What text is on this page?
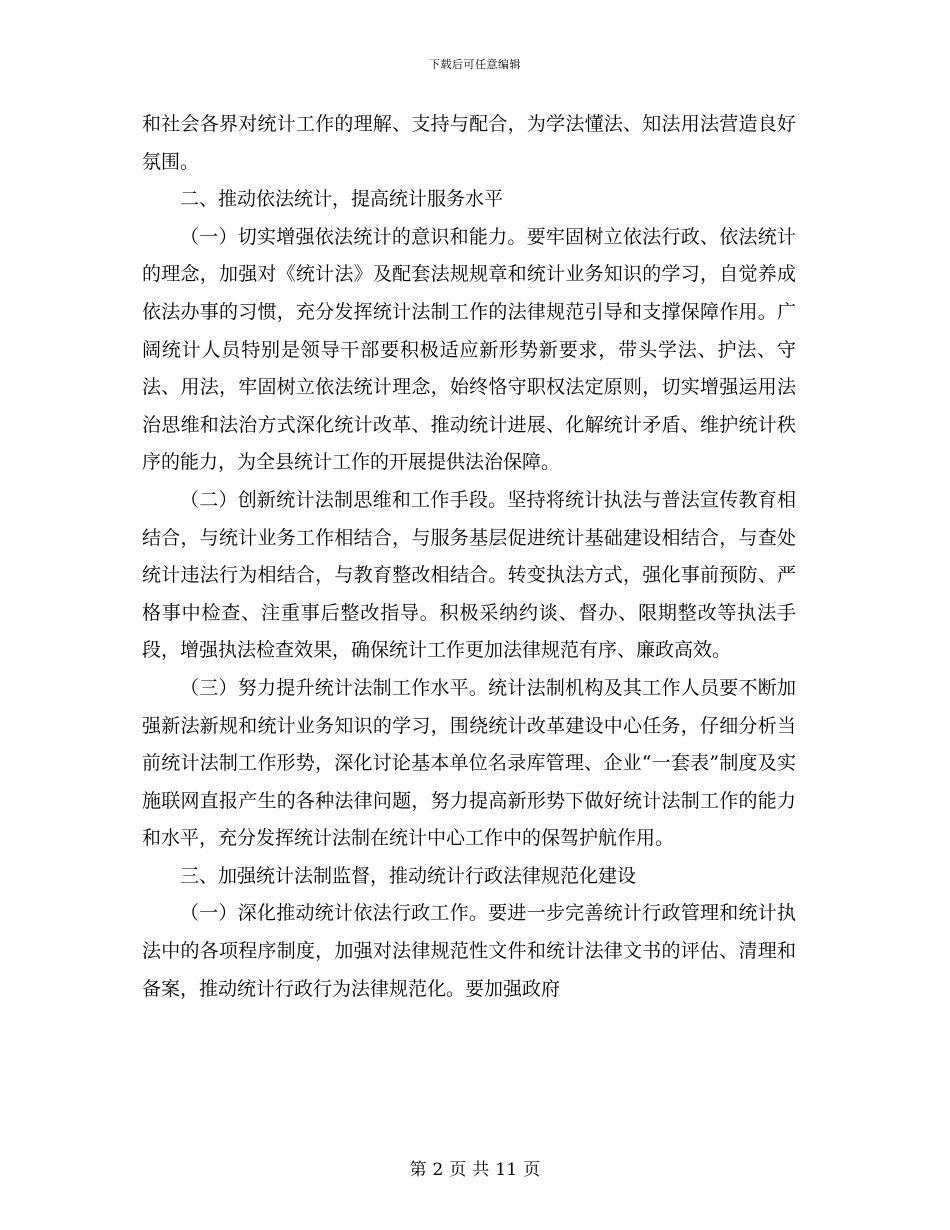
下载后可任意编辑

和社会各界对统计工作的理解、支持与配合，为学法懂法、知法用法营造良好氛围。

二、推动依法统计，提高统计服务水平

（一）切实增强依法统计的意识和能力。要牢固树立依法行政、依法统计的理念，加强对《统计法》及配套法规规章和统计业务知识的学习，自觉养成依法办事的习惯，充分发挥统计法制工作的法律规范引导和支撑保障作用。广阔统计人员特别是领导干部要积极适应新形势新要求，带头学法、护法、守法、用法，牢固树立依法统计理念，始终恪守职权法定原则，切实增强运用法治思维和法治方式深化统计改革、推动统计进展、化解统计矛盾、维护统计秩序的能力，为全县统计工作的开展提供法治保障。

（二）创新统计法制思维和工作手段。坚持将统计执法与普法宣传教育相结合，与统计业务工作相结合，与服务基层促进统计基础建设相结合，与查处统计违法行为相结合，与教育整改相结合。转变执法方式，强化事前预防、严格事中检查、注重事后整改指导。积极采纳约谈、督办、限期整改等执法手段，增强执法检查效果，确保统计工作更加法律规范有序、廉政高效。

（三）努力提升统计法制工作水平。统计法制机构及其工作人员要不断加强新法新规和统计业务知识的学习，围绕统计改革建设中心任务，仔细分析当前统计法制工作形势，深化讨论基本单位名录库管理、企业“一套表”制度及实施联网直报产生的各种法律问题，努力提高新形势下做好统计法制工作的能力和水平，充分发挥统计法制在统计中心工作中的保驾护航作用。

三、加强统计法制监督，推动统计行政法律规范化建设

（一）深化推动统计依法行政工作。要进一步完善统计行政管理和统计执法中的各项程序制度，加强对法律规范性文件和统计法律文书的评估、清理和备案，推动统计行政行为法律规范化。要加强政府

第 2 页 共 11 页
